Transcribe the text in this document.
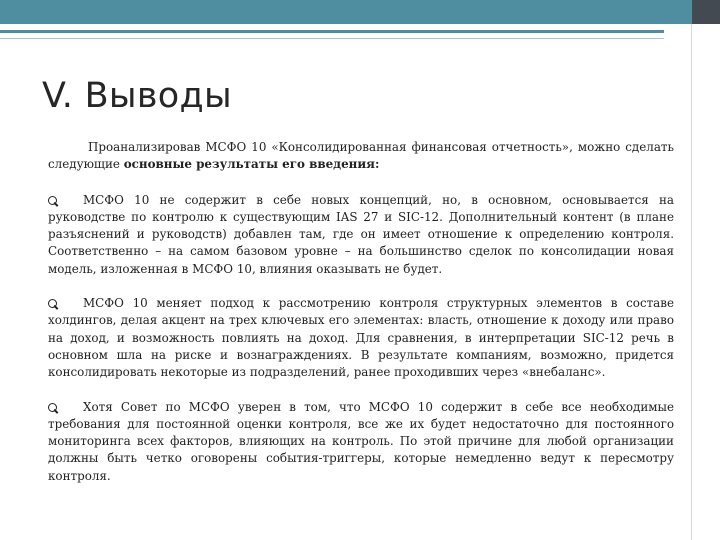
V. Выводы

Проанализировав МСФО 10 «Консолидированная финансовая отчетность», можно сделать следующие основные результаты его введения:

МСФО 10 не содержит в себе новых концепций, но, в основном, основывается на руководстве по контролю к существующим IAS 27 и SIC-12. Дополнительный контент (в плане разъяснений и руководств) добавлен там, где он имеет отношение к определению контроля. Соответственно – на самом базовом уровне – на большинство сделок по консолидации новая модель, изложенная в МСФО 10, влияния оказывать не будет.

МСФО 10 меняет подход к рассмотрению контроля структурных элементов в составе холдингов, делая акцент на трех ключевых его элементах: власть, отношение к доходу или право на доход, и возможность повлиять на доход. Для сравнения, в интерпретации SIC-12 речь в основном шла на риске и вознаграждениях. В результате компаниям, возможно, придется консолидировать некоторые из подразделений, ранее проходивших через «внебаланс».

Хотя Совет по МСФО уверен в том, что МСФО 10 содержит в себе все необходимые требования для постоянной оценки контроля, все же их будет недостаточно для постоянного мониторинга всех факторов, влияющих на контроль. По этой причине для любой организации должны быть четко оговорены события-триггеры, которые немедленно ведут к пересмотру контроля.
